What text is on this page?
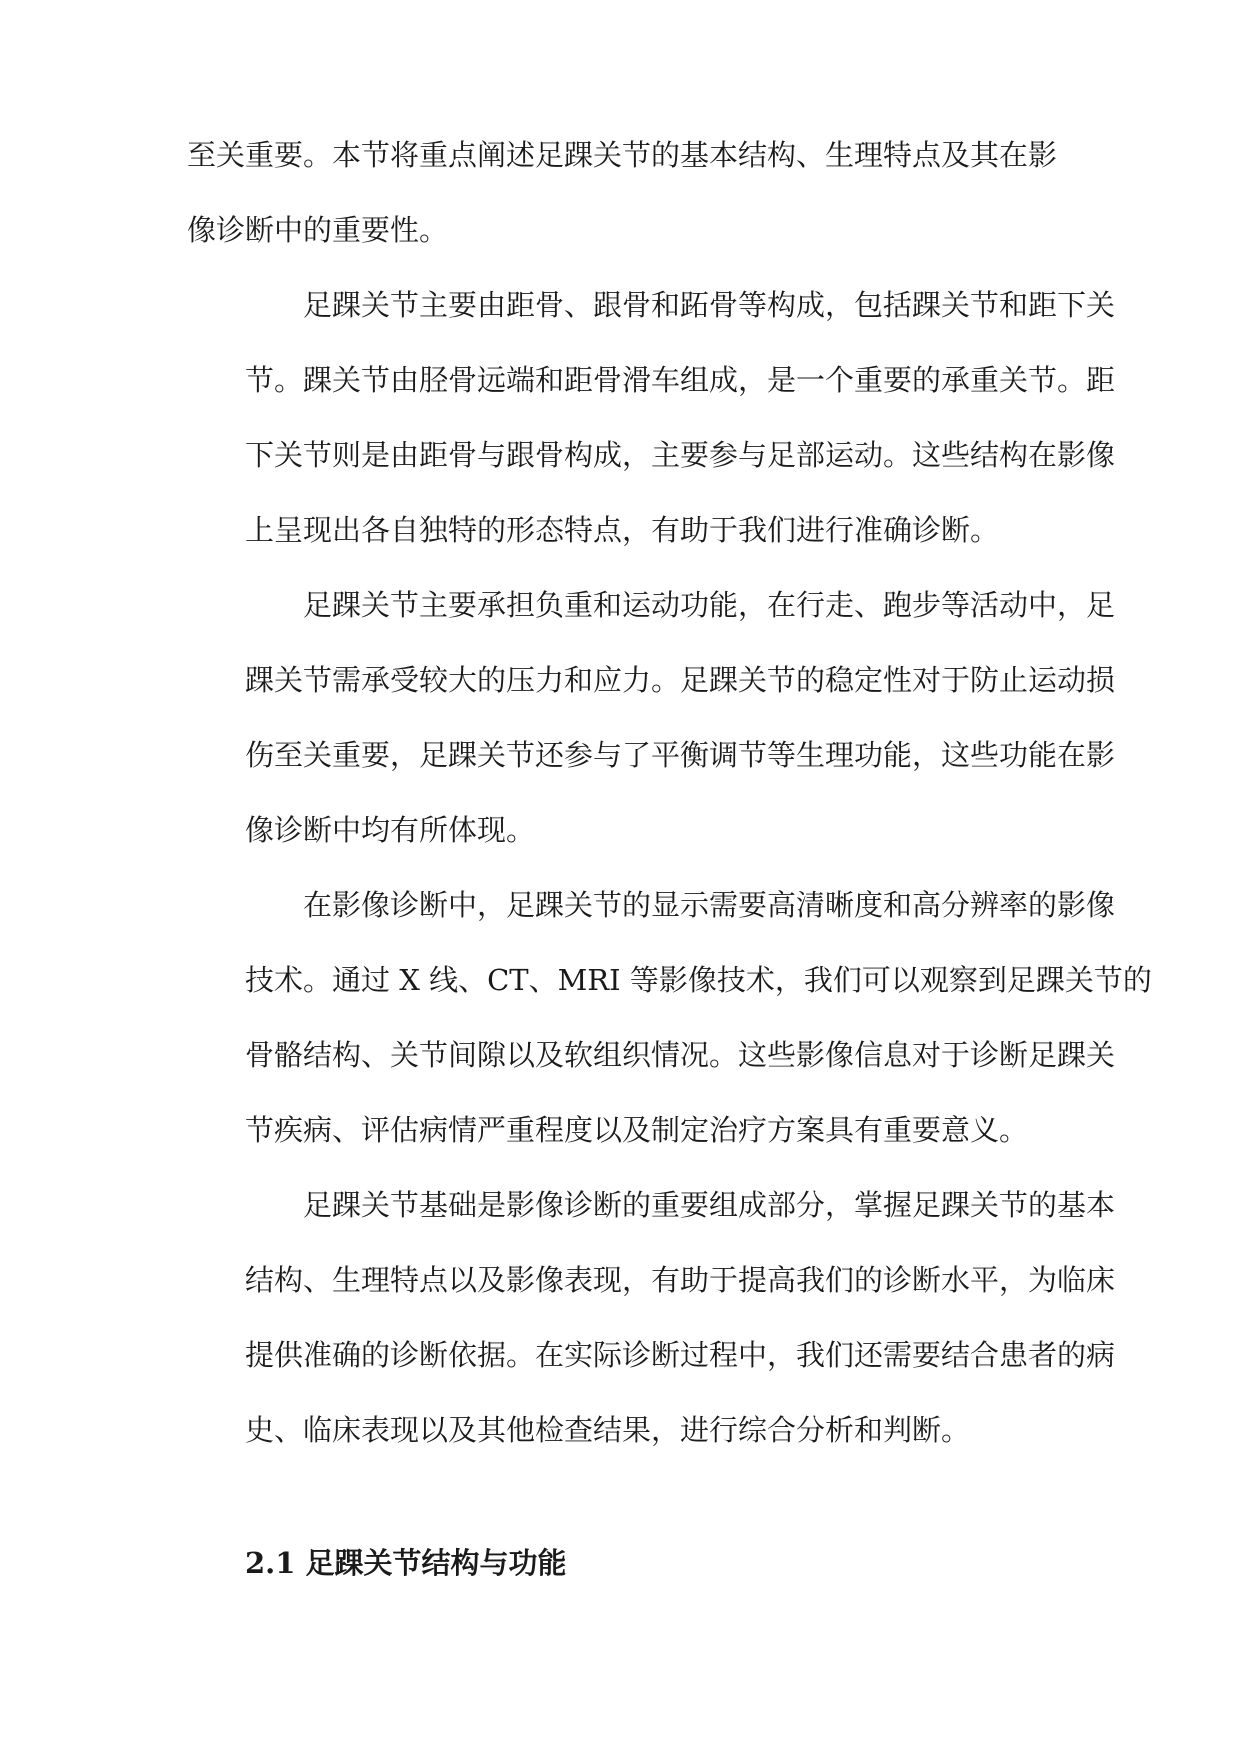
至关重要。本节将重点阐述足踝关节的基本结构、生理特点及其在影
像诊断中的重要性。
足踝关节主要由距骨、跟骨和跖骨等构成，包括踝关节和距下关
节。踝关节由胫骨远端和距骨滑车组成，是一个重要的承重关节。距
下关节则是由距骨与跟骨构成，主要参与足部运动。这些结构在影像
上呈现出各自独特的形态特点，有助于我们进行准确诊断。
足踝关节主要承担负重和运动功能，在行走、跑步等活动中，足
踝关节需承受较大的压力和应力。足踝关节的稳定性对于防止运动损
伤至关重要，足踝关节还参与了平衡调节等生理功能，这些功能在影
像诊断中均有所体现。
在影像诊断中，足踝关节的显示需要高清晰度和高分辨率的影像
技术。通过 X 线、CT、MRI 等影像技术，我们可以观察到足踝关节的
骨骼结构、关节间隙以及软组织情况。这些影像信息对于诊断足踝关
节疾病、评估病情严重程度以及制定治疗方案具有重要意义。
足踝关节基础是影像诊断的重要组成部分，掌握足踝关节的基本
结构、生理特点以及影像表现，有助于提高我们的诊断水平，为临床
提供准确的诊断依据。在实际诊断过程中，我们还需要结合患者的病
史、临床表现以及其他检查结果，进行综合分析和判断。
2.1 足踝关节结构与功能
